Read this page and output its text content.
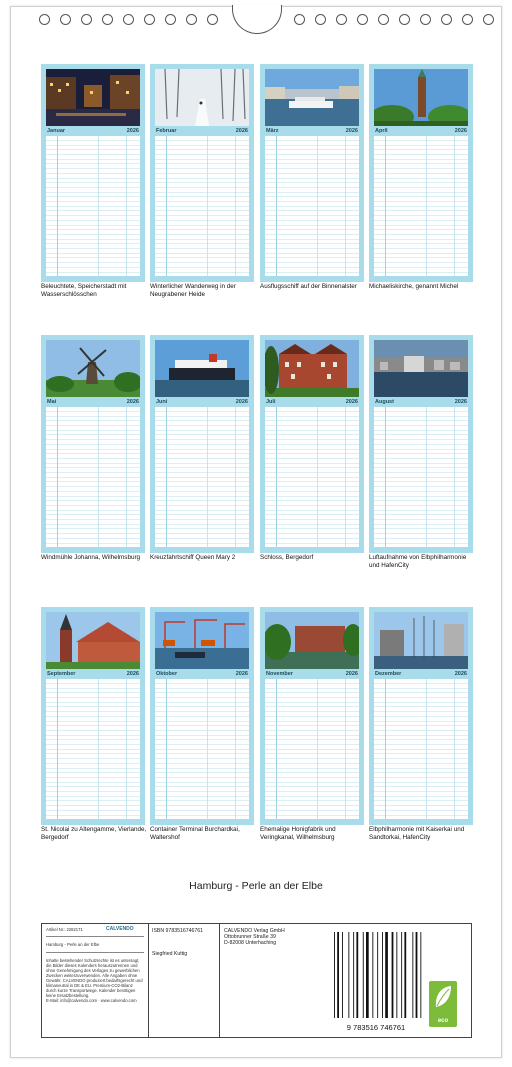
Januar	2026
Beleuchtete, Speicherstadt mit Wasserschlösschen
Februar	2026
Winterlicher Wanderweg in der Neugrabener Heide
März	2026
Ausflugsschiff auf der Binnenalster
April	2026
Michaeliskirche, genannt Michel
Mai	2026
Windmühle Johanna, Wilhelmsburg
Juni	2026
Kreuzfahrtschiff Queen Mary 2
Juli	2026
Schloss, Bergedorf
August	2026
Luftaufnahme von Elbphilharmonie und HafenCity
September	2026
St. Nicolai zu Altengamme, Vierlande, Bergedorf
Oktober	2026
Container Terminal Burchardkai, Waltershof
November	2026
Ehemalige Honigfabrik und Veringkanal, Wilhelmsburg
Dezember	2026
Elbphilharmonie mit Kaiserkai und Sandtorkai, HafenCity
Hamburg - Perle an der Elbe
Artikel Nr.: 2282171	CALVENDO
Hamburg - Perle an der Elbe
Inhalte bestehender Schutzrechte ist es untersagt, die Bilder dieses Kalenders herauszutrennen und ohne Genehmigung des Verlages zu gewerblichen Zwecken weiterzuverwenden. Alle Angaben ohne Gewähr. CALVENDO produziert bedarfsgerecht und klimaneutral in DE & EU. Premium-CO2-Bilanz durch kurze Transportwege. Kalender benötigen keine Ersatzbestellung.
E-Mail: info@calvendo.com · www.calvendo.com
ISBN 9783516746761
Siegfried Kuttig
CALVENDO Verlag GmbH
Ottobrunner Straße 39
D-82008 Unterhaching
9 783516 746761
eco
